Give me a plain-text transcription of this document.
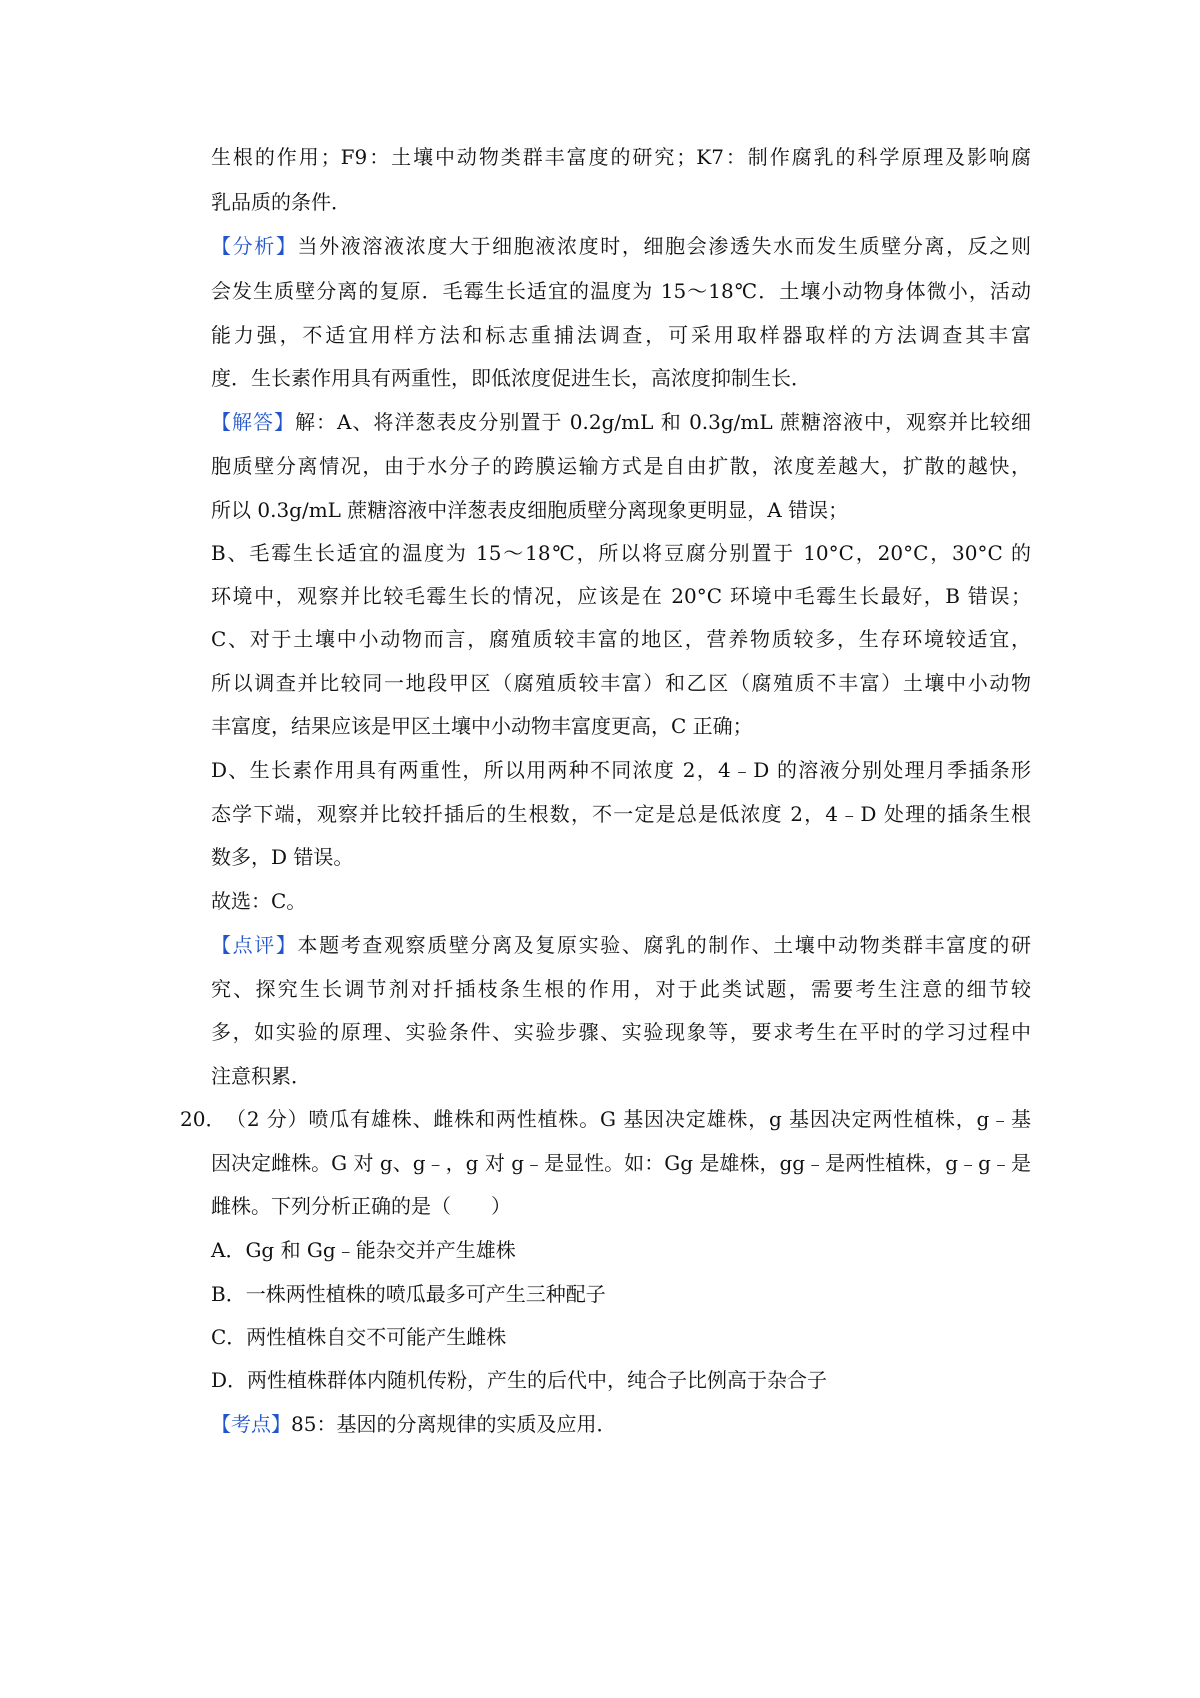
生根的作用；F9：土壤中动物类群丰富度的研究；K7：制作腐乳的科学原理及影响腐
乳品质的条件．
【分析】当外液溶液浓度大于细胞液浓度时，细胞会渗透失水而发生质壁分离，反之则
会发生质壁分离的复原．毛霉生长适宜的温度为 15～18℃．土壤小动物身体微小，活动
能力强，不适宜用样方法和标志重捕法调查，可采用取样器取样的方法调查其丰富
度．生长素作用具有两重性，即低浓度促进生长，高浓度抑制生长．
【解答】解：A、将洋葱表皮分别置于 0.2g/mL 和 0.3g/mL 蔗糖溶液中，观察并比较细
胞质壁分离情况，由于水分子的跨膜运输方式是自由扩散，浓度差越大，扩散的越快，
所以 0.3g/mL 蔗糖溶液中洋葱表皮细胞质壁分离现象更明显，A 错误；
B、毛霉生长适宜的温度为 15～18℃，所以将豆腐分别置于 10°C，20°C，30°C 的
环境中，观察并比较毛霉生长的情况，应该是在 20°C 环境中毛霉生长最好，B 错误；
C、对于土壤中小动物而言，腐殖质较丰富的地区，营养物质较多，生存环境较适宜，
所以调查并比较同一地段甲区（腐殖质较丰富）和乙区（腐殖质不丰富）土壤中小动物
丰富度，结果应该是甲区土壤中小动物丰富度更高，C 正确；
D、生长素作用具有两重性，所以用两种不同浓度 2，4﹣D 的溶液分别处理月季插条形
态学下端，观察并比较扦插后的生根数，不一定是总是低浓度 2，4﹣D 处理的插条生根
数多，D 错误。
故选：C。
【点评】本题考查观察质壁分离及复原实验、腐乳的制作、土壤中动物类群丰富度的研
究、探究生长调节剂对扦插枝条生根的作用，对于此类试题，需要考生注意的细节较
多，如实验的原理、实验条件、实验步骤、实验现象等，要求考生在平时的学习过程中
注意积累．
20． （2 分）喷瓜有雄株、雌株和两性植株。G 基因决定雄株，g 基因决定两性植株，g﹣基
因决定雌株。G 对 g、g﹣，g 对 g﹣是显性。如：Gg 是雄株，gg﹣是两性植株，g﹣g﹣是
雌株。下列分析正确的是（　　）
A．Gg 和 Gg﹣能杂交并产生雄株
B．一株两性植株的喷瓜最多可产生三种配子
C．两性植株自交不可能产生雌株
D．两性植株群体内随机传粉，产生的后代中，纯合子比例高于杂合子
【考点】85：基因的分离规律的实质及应用．
